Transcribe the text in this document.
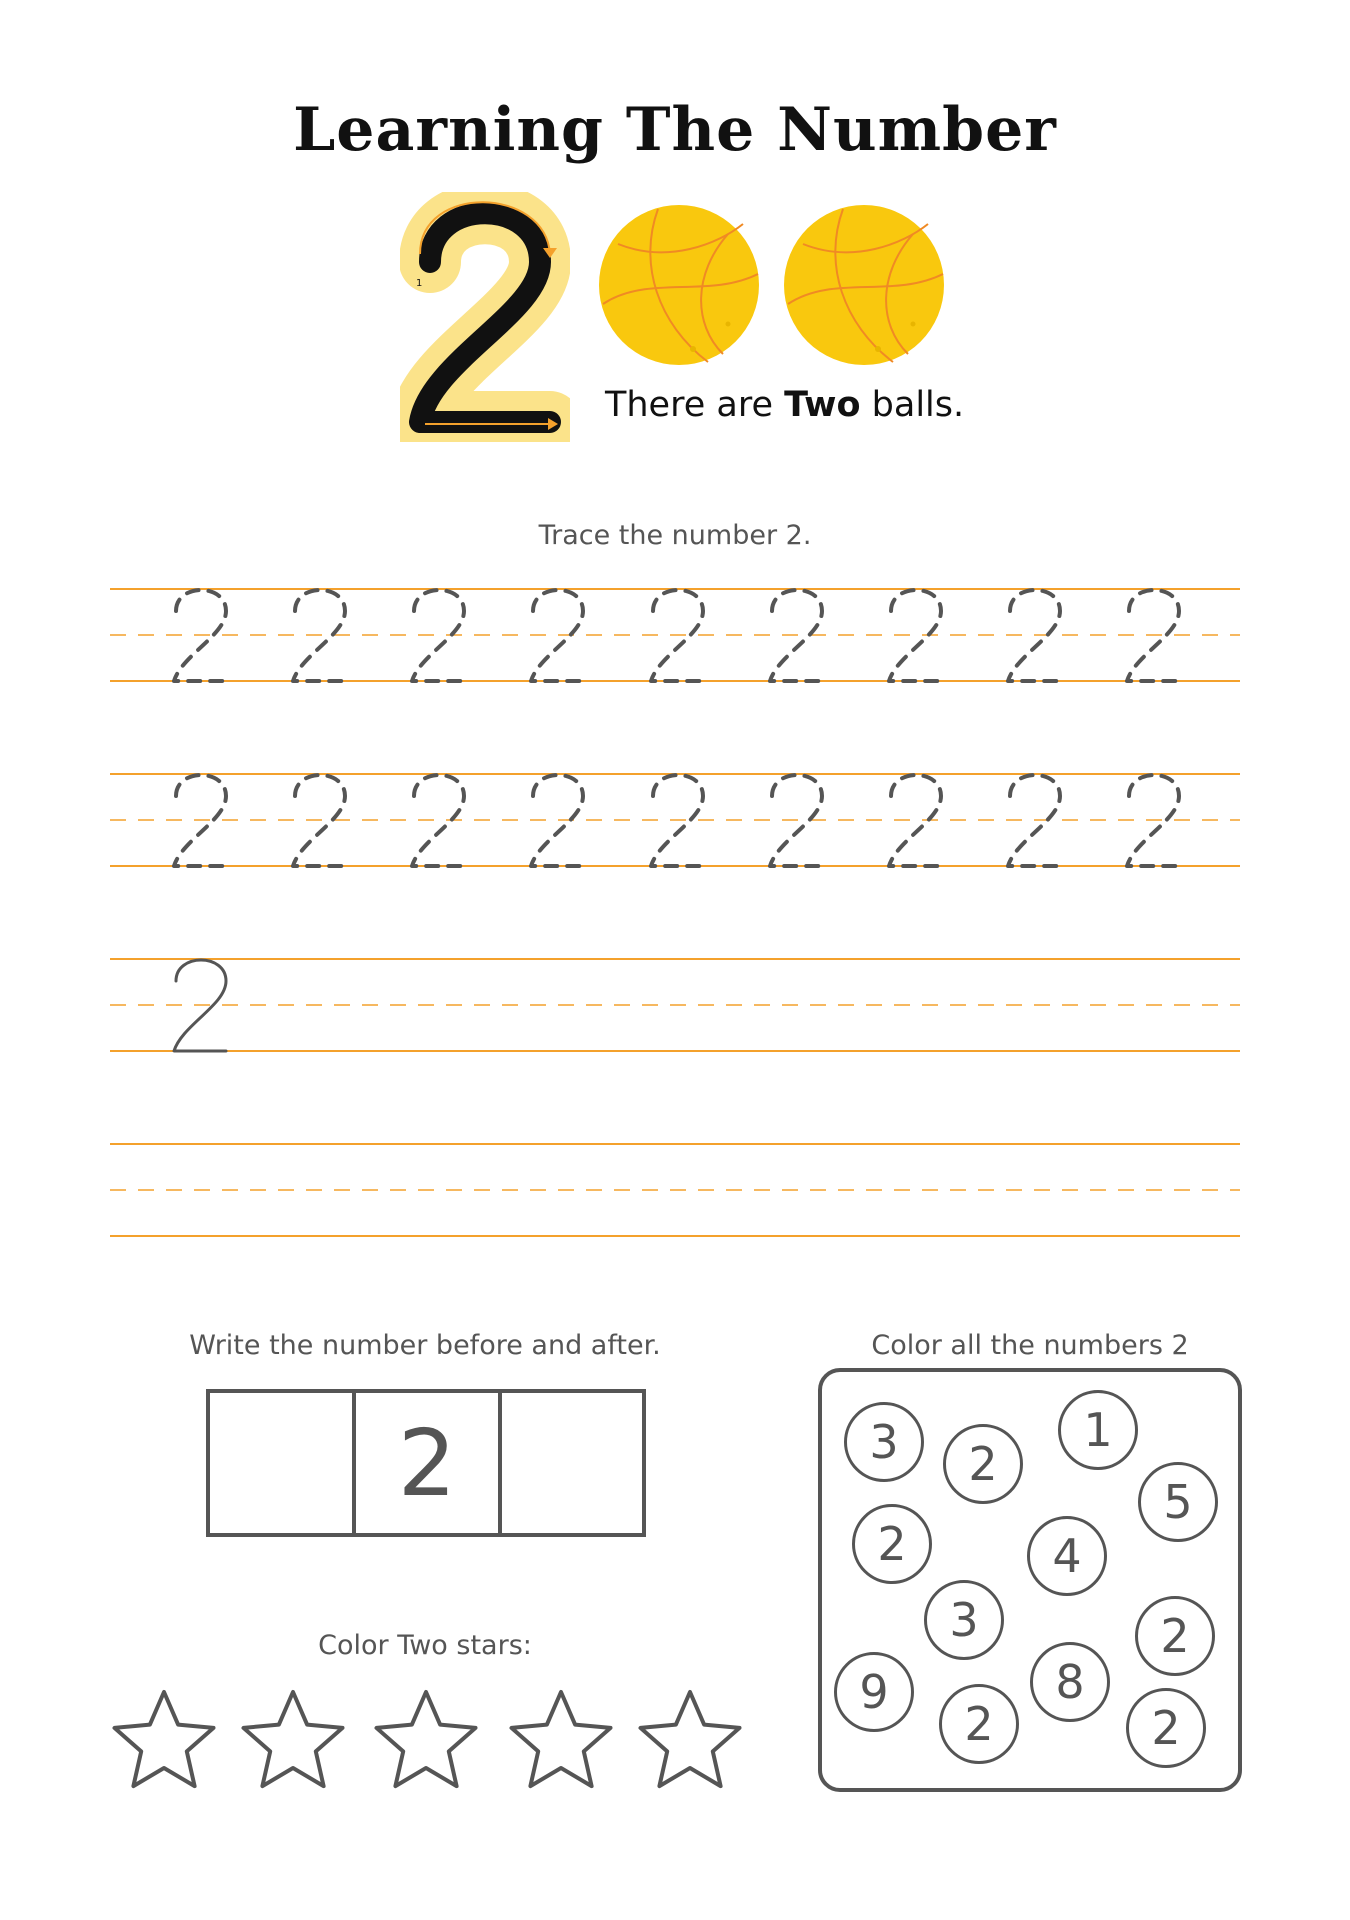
Learning The Number
1
2
There are Two balls.
Trace the number 2.
Write the number before and after.
2
Color Two stars:
Color all the numbers 2
3	2
1
5
2	4
2
3
8
9
2	2
